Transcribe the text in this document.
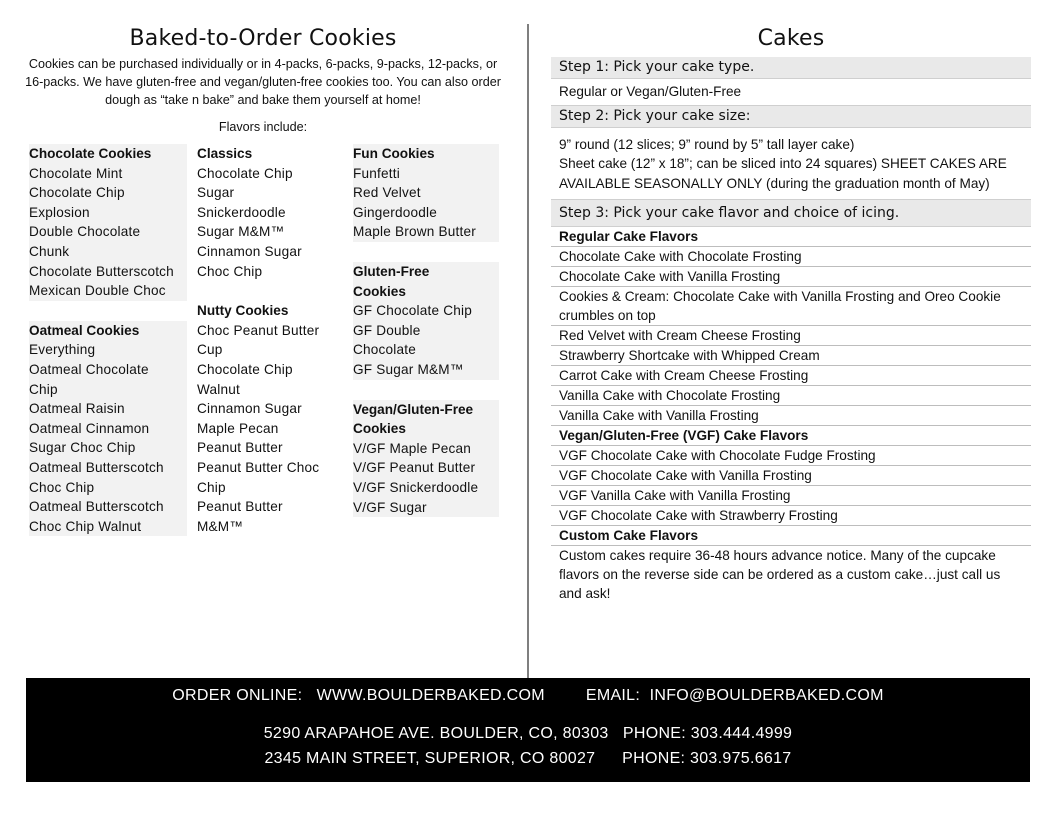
Baked-to-Order Cookies

Cookies can be purchased individually or in 4-packs, 6-packs, 9-packs, 12-packs, or 16-packs. We have gluten-free and vegan/gluten-free cookies too. You can also order dough as “take n bake” and bake them yourself at home!

Flavors include:
Chocolate Cookies
Chocolate Mint
Chocolate Chip
Explosion
Double Chocolate
Chunk
Chocolate Butterscotch
Mexican Double Choc
Oatmeal Cookies
Everything
Oatmeal Chocolate
Chip
Oatmeal Raisin
Oatmeal Cinnamon
Sugar Choc Chip
Oatmeal Butterscotch
Choc Chip
Oatmeal Butterscotch
Choc Chip Walnut
Classics
Chocolate Chip
Sugar
Snickerdoodle
Sugar M&M™
Cinnamon Sugar
Choc Chip
Nutty Cookies
Choc Peanut Butter
Cup
Chocolate Chip
Walnut
Cinnamon Sugar
Maple Pecan
Peanut Butter
Peanut Butter Choc
Chip
Peanut Butter
M&M™
Fun Cookies
Funfetti
Red Velvet
Gingerdoodle
Maple Brown Butter
Gluten-Free
Cookies
GF Chocolate Chip
GF Double
Chocolate
GF Sugar M&M™
Vegan/Gluten-Free
Cookies
V/GF Maple Pecan
V/GF Peanut Butter
V/GF Snickerdoodle
V/GF Sugar
Cakes
Step 1: Pick your cake type.
Regular or Vegan/Gluten-Free
Step 2: Pick your cake size:
9” round (12 slices; 9” round by 5” tall layer cake)
Sheet cake (12” x 18”; can be sliced into 24 squares) SHEET CAKES ARE AVAILABLE SEASONALLY ONLY (during the graduation month of May)
Step 3: Pick your cake flavor and choice of icing.
Regular Cake Flavors
Chocolate Cake with Chocolate Frosting
Chocolate Cake with Vanilla Frosting
Cookies & Cream: Chocolate Cake with Vanilla Frosting and Oreo Cookie crumbles on top
Red Velvet with Cream Cheese Frosting
Strawberry Shortcake with Whipped Cream
Carrot Cake with Cream Cheese Frosting
Vanilla Cake with Chocolate Frosting
Vanilla Cake with Vanilla Frosting
Vegan/Gluten-Free (VGF) Cake Flavors
VGF Chocolate Cake with Chocolate Fudge Frosting
VGF Chocolate Cake with Vanilla Frosting
VGF Vanilla Cake with Vanilla Frosting
VGF Chocolate Cake with Strawberry Frosting
Custom Cake Flavors
Custom cakes require 36-48 hours advance notice. Many of the cupcake flavors on the reverse side can be ordered as a custom cake…just call us and ask!
ORDER ONLINE: WWW.BOULDERBAKED.COM	EMAIL: INFO@BOULDERBAKED.COM
5290 ARAPAHOE AVE. BOULDER, CO, 80303 PHONE: 303.444.4999
2345 MAIN STREET, SUPERIOR, CO 80027 PHONE: 303.975.6617
